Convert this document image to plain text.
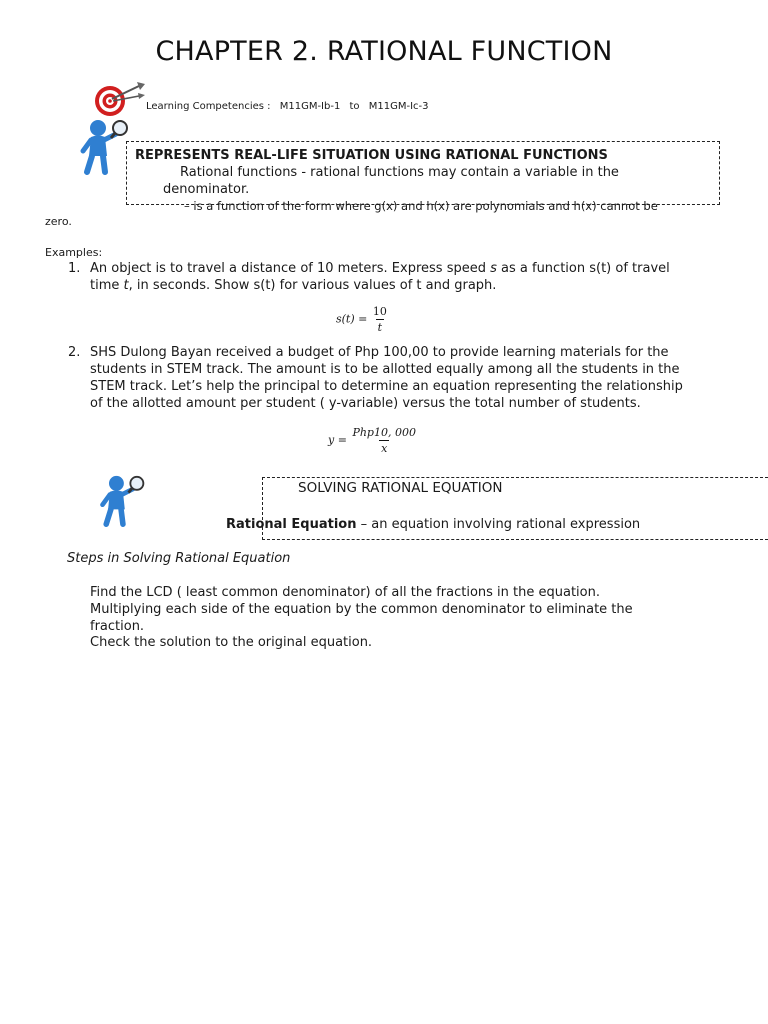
CHAPTER 2. RATIONAL FUNCTION
Learning Competencies : M11GM-Ib-1 to M11GM-Ic-3
REPRESENTS REAL-LIFE SITUATION USING RATIONAL FUNCTIONS
Rational functions - rational functions may contain a variable in the
denominator.
– is a function of the form where g(x) and h(x) are polynomials and h(x) cannot be
zero.
Examples:
1. An object is to travel a distance of 10 meters. Express speed s as a function s(t) of travel
time t, in seconds. Show s(t) for various values of t and graph.
$s(t) = \frac{10}{t}$
2. SHS Dulong Bayan received a budget of Php 100,00 to provide learning materials for the
students in STEM track. The amount is to be allotted equally among all the students in the
STEM track. Let’s help the principal to determine an equation representing the relationship
of the allotted amount per student ( y-variable) versus the total number of students.
$y = \frac{\text{Php10, 000}}{x}$
SOLVING RATIONAL EQUATION
Rational Equation – an equation involving rational expression
Steps in Solving Rational Equation
Find the LCD ( least common denominator) of all the fractions in the equation.
Multiplying each side of the equation by the common denominator to eliminate the
fraction.
Check the solution to the original equation.
